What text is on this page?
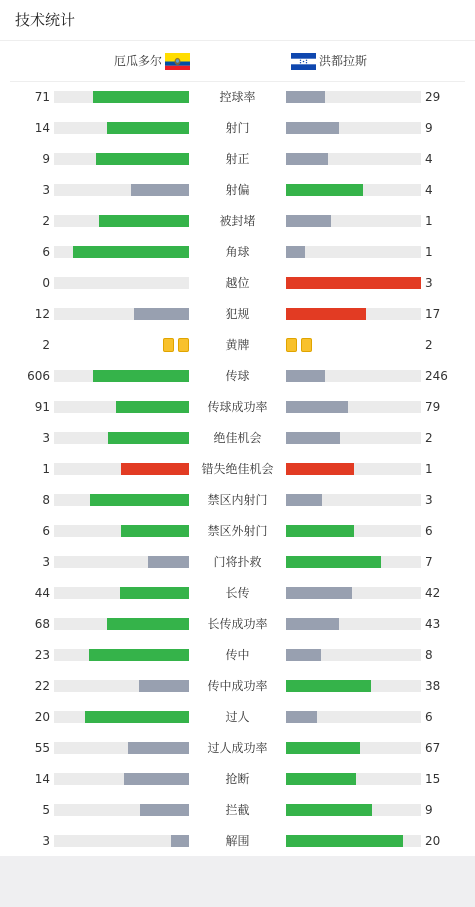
技术统计
厄瓜多尔	洪都拉斯
71	控球率	29
14	射门	9
9	射正	4
3	射偏	4
2	被封堵	1
6	角球	1
0	越位	3
12	犯规	17
2	黄牌	2
606	传球	246
91	传球成功率	79
3	绝佳机会	2
1	错失绝佳机会	1
8	禁区内射门	3
6	禁区外射门	6
3	门将扑救	7
44	长传	42
68	长传成功率	43
23	传中	8
22	传中成功率	38
20	过人	6
55	过人成功率	67
14	抢断	15
5	拦截	9
3	解围	20
